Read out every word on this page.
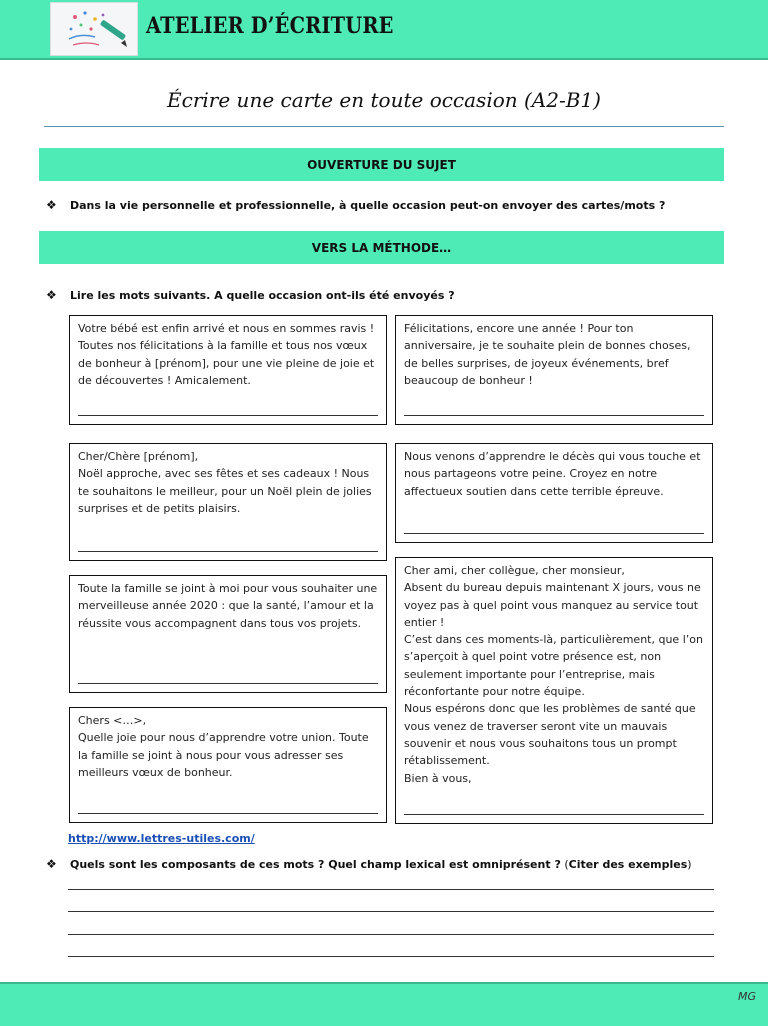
ATELIER D’ÉCRITURE
Écrire une carte en toute occasion (A2-B1)
OUVERTURE DU SUJET
❖ Dans la vie personnelle et professionnelle, à quelle occasion peut-on envoyer des cartes/mots ?
VERS LA MÉTHODE…
❖ Lire les mots suivants. A quelle occasion ont-ils été envoyés ?
Votre bébé est enfin arrivé et nous en sommes ravis ! Toutes nos félicitations à la famille et tous nos vœux de bonheur à [prénom], pour une vie pleine de joie et de découvertes ! Amicalement.
Félicitations, encore une année ! Pour ton anniversaire, je te souhaite plein de bonnes choses, de belles surprises, de joyeux événements, bref beaucoup de bonheur !
Cher/Chère [prénom],
Noël approche, avec ses fêtes et ses cadeaux ! Nous te souhaitons le meilleur, pour un Noël plein de jolies surprises et de petits plaisirs.
Nous venons d’apprendre le décès qui vous touche et nous partageons votre peine. Croyez en notre affectueux soutien dans cette terrible épreuve.
Toute la famille se joint à moi pour vous souhaiter une merveilleuse année 2020 : que la santé, l’amour et la réussite vous accompagnent dans tous vos projets.
Cher ami, cher collègue, cher monsieur,
Absent du bureau depuis maintenant X jours, vous ne voyez pas à quel point vous manquez au service tout entier !
C’est dans ces moments-là, particulièrement, que l’on s’aperçoit à quel point votre présence est, non seulement importante pour l’entreprise, mais réconfortante pour notre équipe.
Nous espérons donc que les problèmes de santé que vous venez de traverser seront vite un mauvais souvenir et nous vous souhaitons tous un prompt rétablissement.
Bien à vous,
Chers <…>,
Quelle joie pour nous d’apprendre votre union. Toute la famille se joint à nous pour vous adresser ses meilleurs vœux de bonheur.
http://www.lettres-utiles.com/
❖ Quels sont les composants de ces mots ? Quel champ lexical est omniprésent ? (Citer des exemples)
MG
